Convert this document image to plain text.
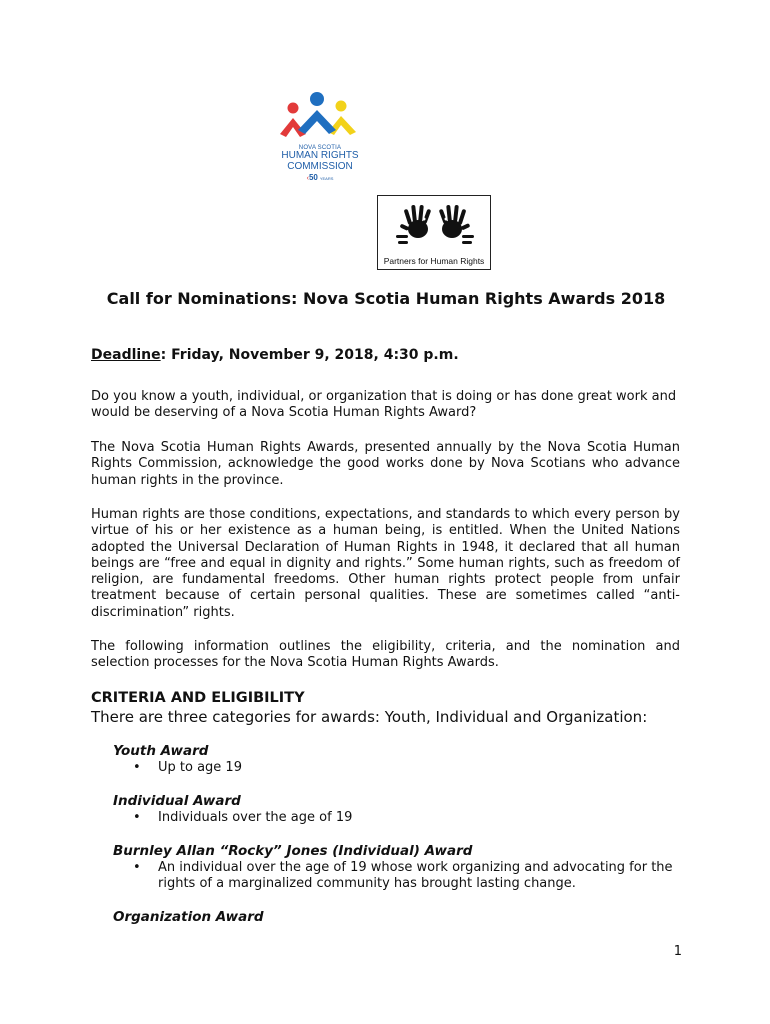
NOVA SCOTIA
HUMAN RIGHTS
COMMISSION
‹50 YEARS
Partners for Human Rights
Call for Nominations: Nova Scotia Human Rights Awards 2018

Deadline: Friday, November 9, 2018, 4:30 p.m.

Do you know a youth, individual, or organization that is doing or has done great work and would be deserving of a Nova Scotia Human Rights Award?

The Nova Scotia Human Rights Awards, presented annually by the Nova Scotia Human Rights Commission, acknowledge the good works done by Nova Scotians who advance human rights in the province.

Human rights are those conditions, expectations, and standards to which every person by virtue of his or her existence as a human being, is entitled. When the United Nations adopted the Universal Declaration of Human Rights in 1948, it declared that all human beings are “free and equal in dignity and rights.” Some human rights, such as freedom of religion, are fundamental freedoms. Other human rights protect people from unfair treatment because of certain personal qualities. These are sometimes called “anti-discrimination” rights.

The following information outlines the eligibility, criteria, and the nomination and selection processes for the Nova Scotia Human Rights Awards.

CRITERIA AND ELIGIBILITY

There are three categories for awards: Youth, Individual and Organization:

Youth Award

• Up to age 19

Individual Award

• Individuals over the age of 19

Burnley Allan “Rocky” Jones (Individual) Award

• An individual over the age of 19 whose work organizing and advocating for the rights of a marginalized community has brought lasting change.

Organization Award

1
